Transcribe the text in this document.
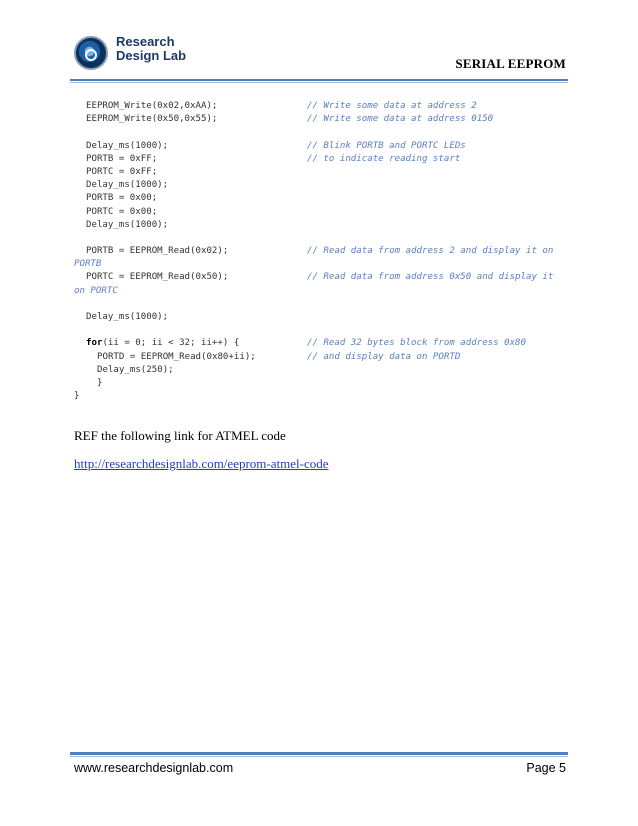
Research
Design Lab
SERIAL EEPROM
EEPROM_Write(0x02,0xAA);	// Write some data at address 2
EEPROM_Write(0x50,0x55);	// Write some data at address 0150
Delay_ms(1000);	// Blink PORTB and PORTC LEDs
PORTB = 0xFF;	// to indicate reading start
PORTC = 0xFF;
Delay_ms(1000);
PORTB = 0x00;
PORTC = 0x00;
Delay_ms(1000);
PORTB = EEPROM_Read(0x02);	// Read data from address 2 and display it on
PORTB
PORTC = EEPROM_Read(0x50);	// Read data from address 0x50 and display it
on PORTC
Delay_ms(1000);
for(ii = 0; ii < 32; ii++) {	// Read 32 bytes block from address 0x80
PORTD = EEPROM_Read(0x80+ii);	// and display data on PORTD
Delay_ms(250);
}
}
REF the following link for ATMEL code
http://researchdesignlab.com/eeprom-atmel-code
www.researchdesignlab.com	Page 5
